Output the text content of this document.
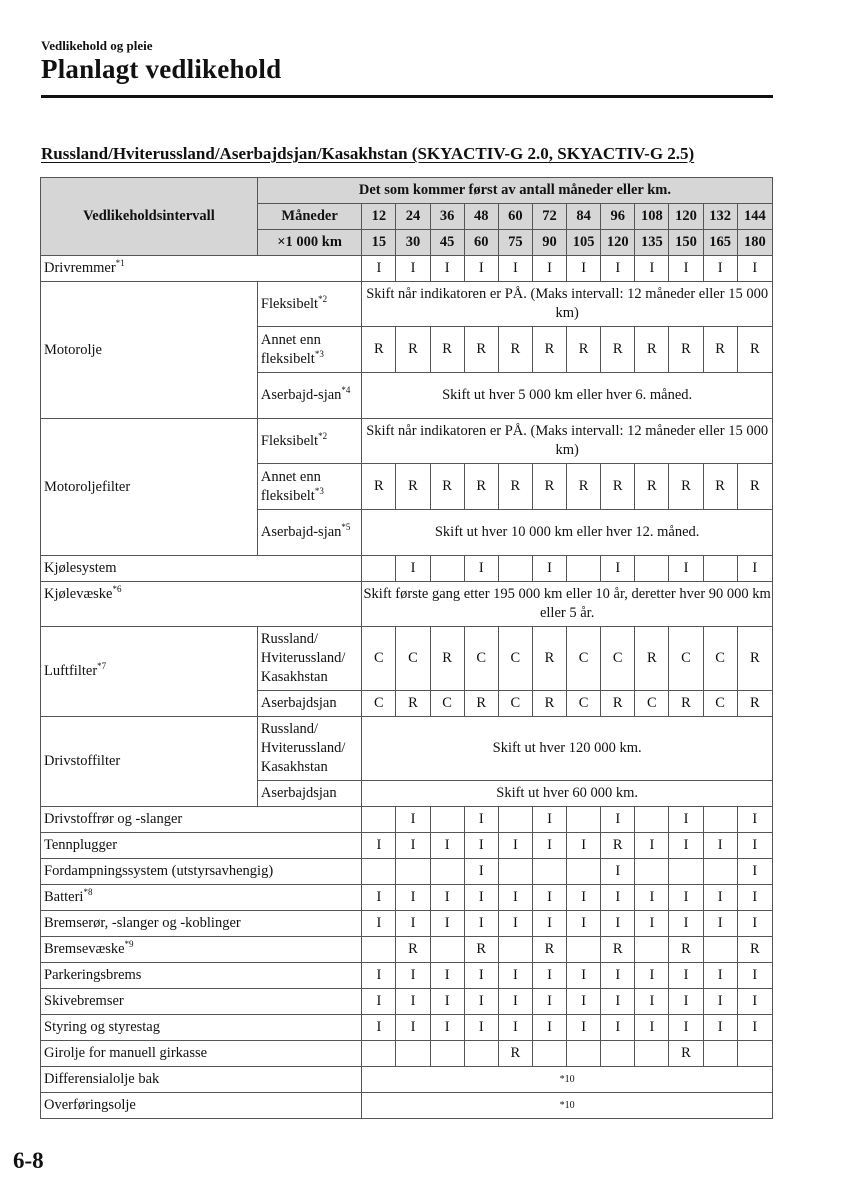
Vedlikehold og pleie
Planlagt vedlikehold
Russland/Hviterussland/Aserbajdsjan/Kasakhstan (SKYACTIV-G 2.0, SKYACTIV-G 2.5)
Vedlikeholdsintervall	Det som kommer først av antall måneder eller km.												
	Måneder	12	24	36	48	60	72	84	96	108	120	132	144
	×1 000 km	15	30	45	60	75	90	105	120	135	150	165	180
Drivremmer$^{*1}$		I	I	I	I	I	I	I	I	I	I	I	I
Motorolje	Fleksibelt$^{*2}$	Skift når indikatoren er PÅ. (Maks intervall: 12 måneder eller 15 000 km)											
	Annet enn fleksibelt$^{*3}$	R	R	R	R	R	R	R	R	R	R	R	R
	Aserbajd-sjan$^{*4}$	Skift ut hver 5 000 km eller hver 6. måned.											
Motoroljefilter	Fleksibelt$^{*2}$	Skift når indikatoren er PÅ. (Maks intervall: 12 måneder eller 15 000 km)											
	Annet enn fleksibelt$^{*3}$	R	R	R	R	R	R	R	R	R	R	R	R
	Aserbajd-sjan$^{*5}$	Skift ut hver 10 000 km eller hver 12. måned.											
Kjølesystem			I		I		I		I		I		I
Kjølevæske$^{*6}$		Skift første gang etter 195 000 km eller 10 år, deretter hver 90 000 km eller 5 år.											
Luftfilter$^{*7}$	Russland/ Hviterussland/ Kasakhstan	C	C	R	C	C	R	C	C	R	C	C	R
	Aserbajdsjan	C	R	C	R	C	R	C	R	C	R	C	R
Drivstoffilter	Russland/ Hviterussland/ Kasakhstan	Skift ut hver 120 000 km.											
	Aserbajdsjan	Skift ut hver 60 000 km.											
Drivstoffrør og -slanger			I		I		I		I		I		I
Tennplugger		I	I	I	I	I	I	I	R	I	I	I	I
Fordampningssystem (utstyrsavhengig)					I				I				I
Batteri$^{*8}$		I	I	I	I	I	I	I	I	I	I	I	I
Bremserør, -slanger og -koblinger		I	I	I	I	I	I	I	I	I	I	I	I
Bremsevæske$^{*9}$			R		R		R		R		R		R
Parkeringsbrems		I	I	I	I	I	I	I	I	I	I	I	I
Skivebremser		I	I	I	I	I	I	I	I	I	I	I	I
Styring og styrestag		I	I	I	I	I	I	I	I	I	I	I	I
Girolje for manuell girkasse						R					R		
Differensialolje bak		*10											
Overføringsolje		*10											
6-8
